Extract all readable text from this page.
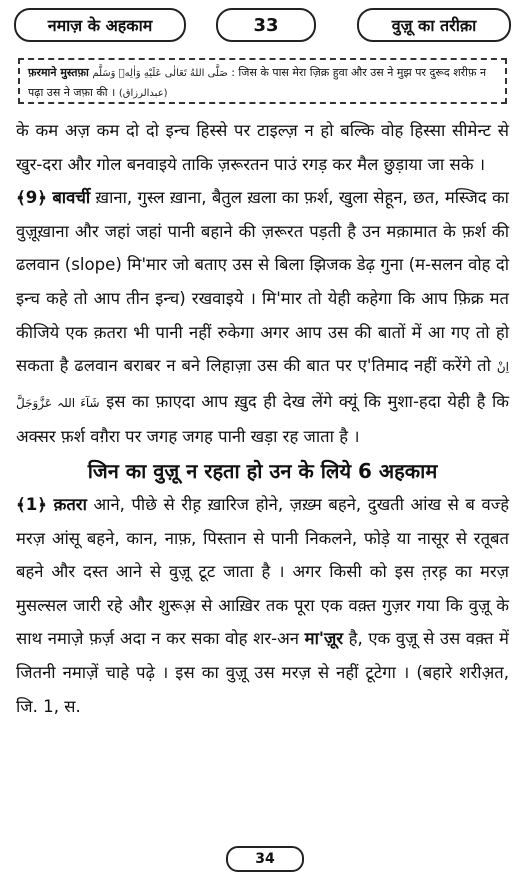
नमाज़ के अहकाम	33	वुज़ू का तरीक़ा
फ़रमाने मुस्तफ़ा صَلَّى اللهُ تَعَالٰى عَلَيْهِ وَاٰلِهٖ وَسَلَّم : जिस के पास मेरा ज़िक्र हुवा और उस ने मुझ पर दुरूद शरीफ़ न पढ़ा उस ने जफ़ा की । (عبدالرزاق)

के कम अज़ कम दो दो इन्च हिस्से पर टाइल्ज़ न हो बल्कि वोह हिस्सा सीमेन्ट से खुर-दरा और गोल बनवाइये ताकि ज़रूरतन पाउं रगड़ कर मैल छुड़ाया जा सके ।

﴾9﴿ बावर्ची ख़ाना, गुस्ल ख़ाना, बैतुल ख़ला का फ़र्श, खुला सेहून, छत, मस्जिद का वुज़ूख़ाना और जहां जहां पानी बहाने की ज़रूरत पड़ती है उन मक़ामात के फ़र्श की ढलवान (slope) मि'मार जो बताए उस से बिला झिजक डेढ़ गुना (म-सलन वोह दो इन्च कहे तो आप तीन इन्च) रखवाइये । मि'मार तो येही कहेगा कि आप फ़िक्र मत कीजिये एक क़तरा भी पानी नहीं रुकेगा अगर आप उस की बातों में आ गए तो हो सकता है ढलवान बराबर न बने लिहाज़ा उस की बात पर ए'तिमाद नहीं करेंगे तो اِنْ شَآءَ اللہ عَزَّوَجَلَّ इस का फ़ाएदा आप ख़ुद ही देख लेंगे क्यूं कि मुशा-हदा येही है कि अक्सर फ़र्श वग़ैरा पर जगह जगह पानी खड़ा रह जाता है ।

जिन का वुज़ू न रहता हो उन के लिये 6 अहकाम

﴾1﴿ क़तरा आने, पीछे से रीह़ ख़ारिज होने, ज़ख़्म बहने, दुखती आंख से ब वज्हे मरज़ आंसू बहने, कान, नाफ़, पिस्तान से पानी निकलने, फोड़े या नासूर से रतूबत बहने और दस्त आने से वुज़ू टूट जाता है । अगर किसी को इस त़रह़ का मरज़ मुसल्सल जारी रहे और शुरूअ़ से आख़िर तक पूरा एक वक़्त गुज़र गया कि वुज़ू के साथ नमाज़े फ़र्ज़ अदा न कर सका वोह शर-अन मा'ज़ूर है, एक वुज़ू से उस वक़्त में जितनी नमाज़ें चाहे पढ़े । इस का वुज़ू उस मरज़ से नहीं टूटेगा । (बहारे शरीअ़त, जि. 1, स.

34
